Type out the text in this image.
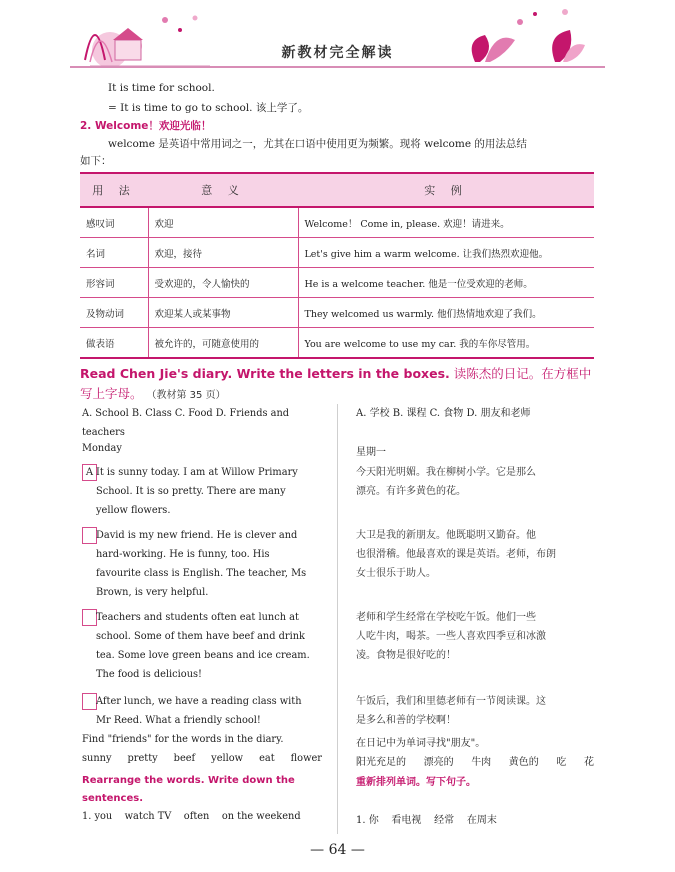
新教材完全解读
It is time for school.
= It is time to go to school. 该上学了。
2. Welcome！欢迎光临！
welcome 是英语中常用词之一，尤其在口语中使用更为频繁。现将 welcome 的用法总结
如下：
用 法	意 义	实 例
感叹词	欢迎	Welcome！ Come in, please. 欢迎！请进来。
名词	欢迎，接待	Let's give him a warm welcome. 让我们热烈欢迎他。
形容词	受欢迎的，令人愉快的	He is a welcome teacher. 他是一位受欢迎的老师。
及物动词	欢迎某人或某事物	They welcomed us warmly. 他们热情地欢迎了我们。
做表语	被允许的，可随意使用的	You are welcome to use my car. 我的车你尽管用。
Read Chen Jie's diary. Write the letters in the boxes. 读陈杰的日记。在方框中写上字母。 （教材第 35 页）
A. School B. Class C. Food D. Friends and
teachers
Monday
A It is sunny today. I am at Willow Primary
School. It is so pretty. There are many
yellow flowers.
David is my new friend. He is clever and
hard-working. He is funny, too. His
favourite class is English. The teacher, Ms
Brown, is very helpful.
Teachers and students often eat lunch at
school. Some of them have beef and drink
tea. Some love green beans and ice cream.
The food is delicious!
After lunch, we have a reading class with
Mr Reed. What a friendly school!
Find "friends" for the words in the diary.
sunny pretty beef yellow eat flower
Rearrange the words. Write down the
sentences.
1. you    watch TV    often    on the weekend
A. 学校 B. 课程 C. 食物 D. 朋友和老师
星期一
今天阳光明媚。我在柳树小学。它是那么
漂亮。有许多黄色的花。
大卫是我的新朋友。他既聪明又勤奋。他
也很滑稽。他最喜欢的课是英语。老师，布朗
女士很乐于助人。
老师和学生经常在学校吃午饭。他们一些
人吃牛肉，喝茶。一些人喜欢四季豆和冰激
凌。食物是很好吃的！
午饭后，我们和里德老师有一节阅读课。这
是多么和善的学校啊！
在日记中为单词寻找"朋友"。
阳光充足的 漂亮的 牛肉 黄色的 吃 花
重新排列单词。写下句子。
1. 你    看电视    经常    在周末
— 64 —
